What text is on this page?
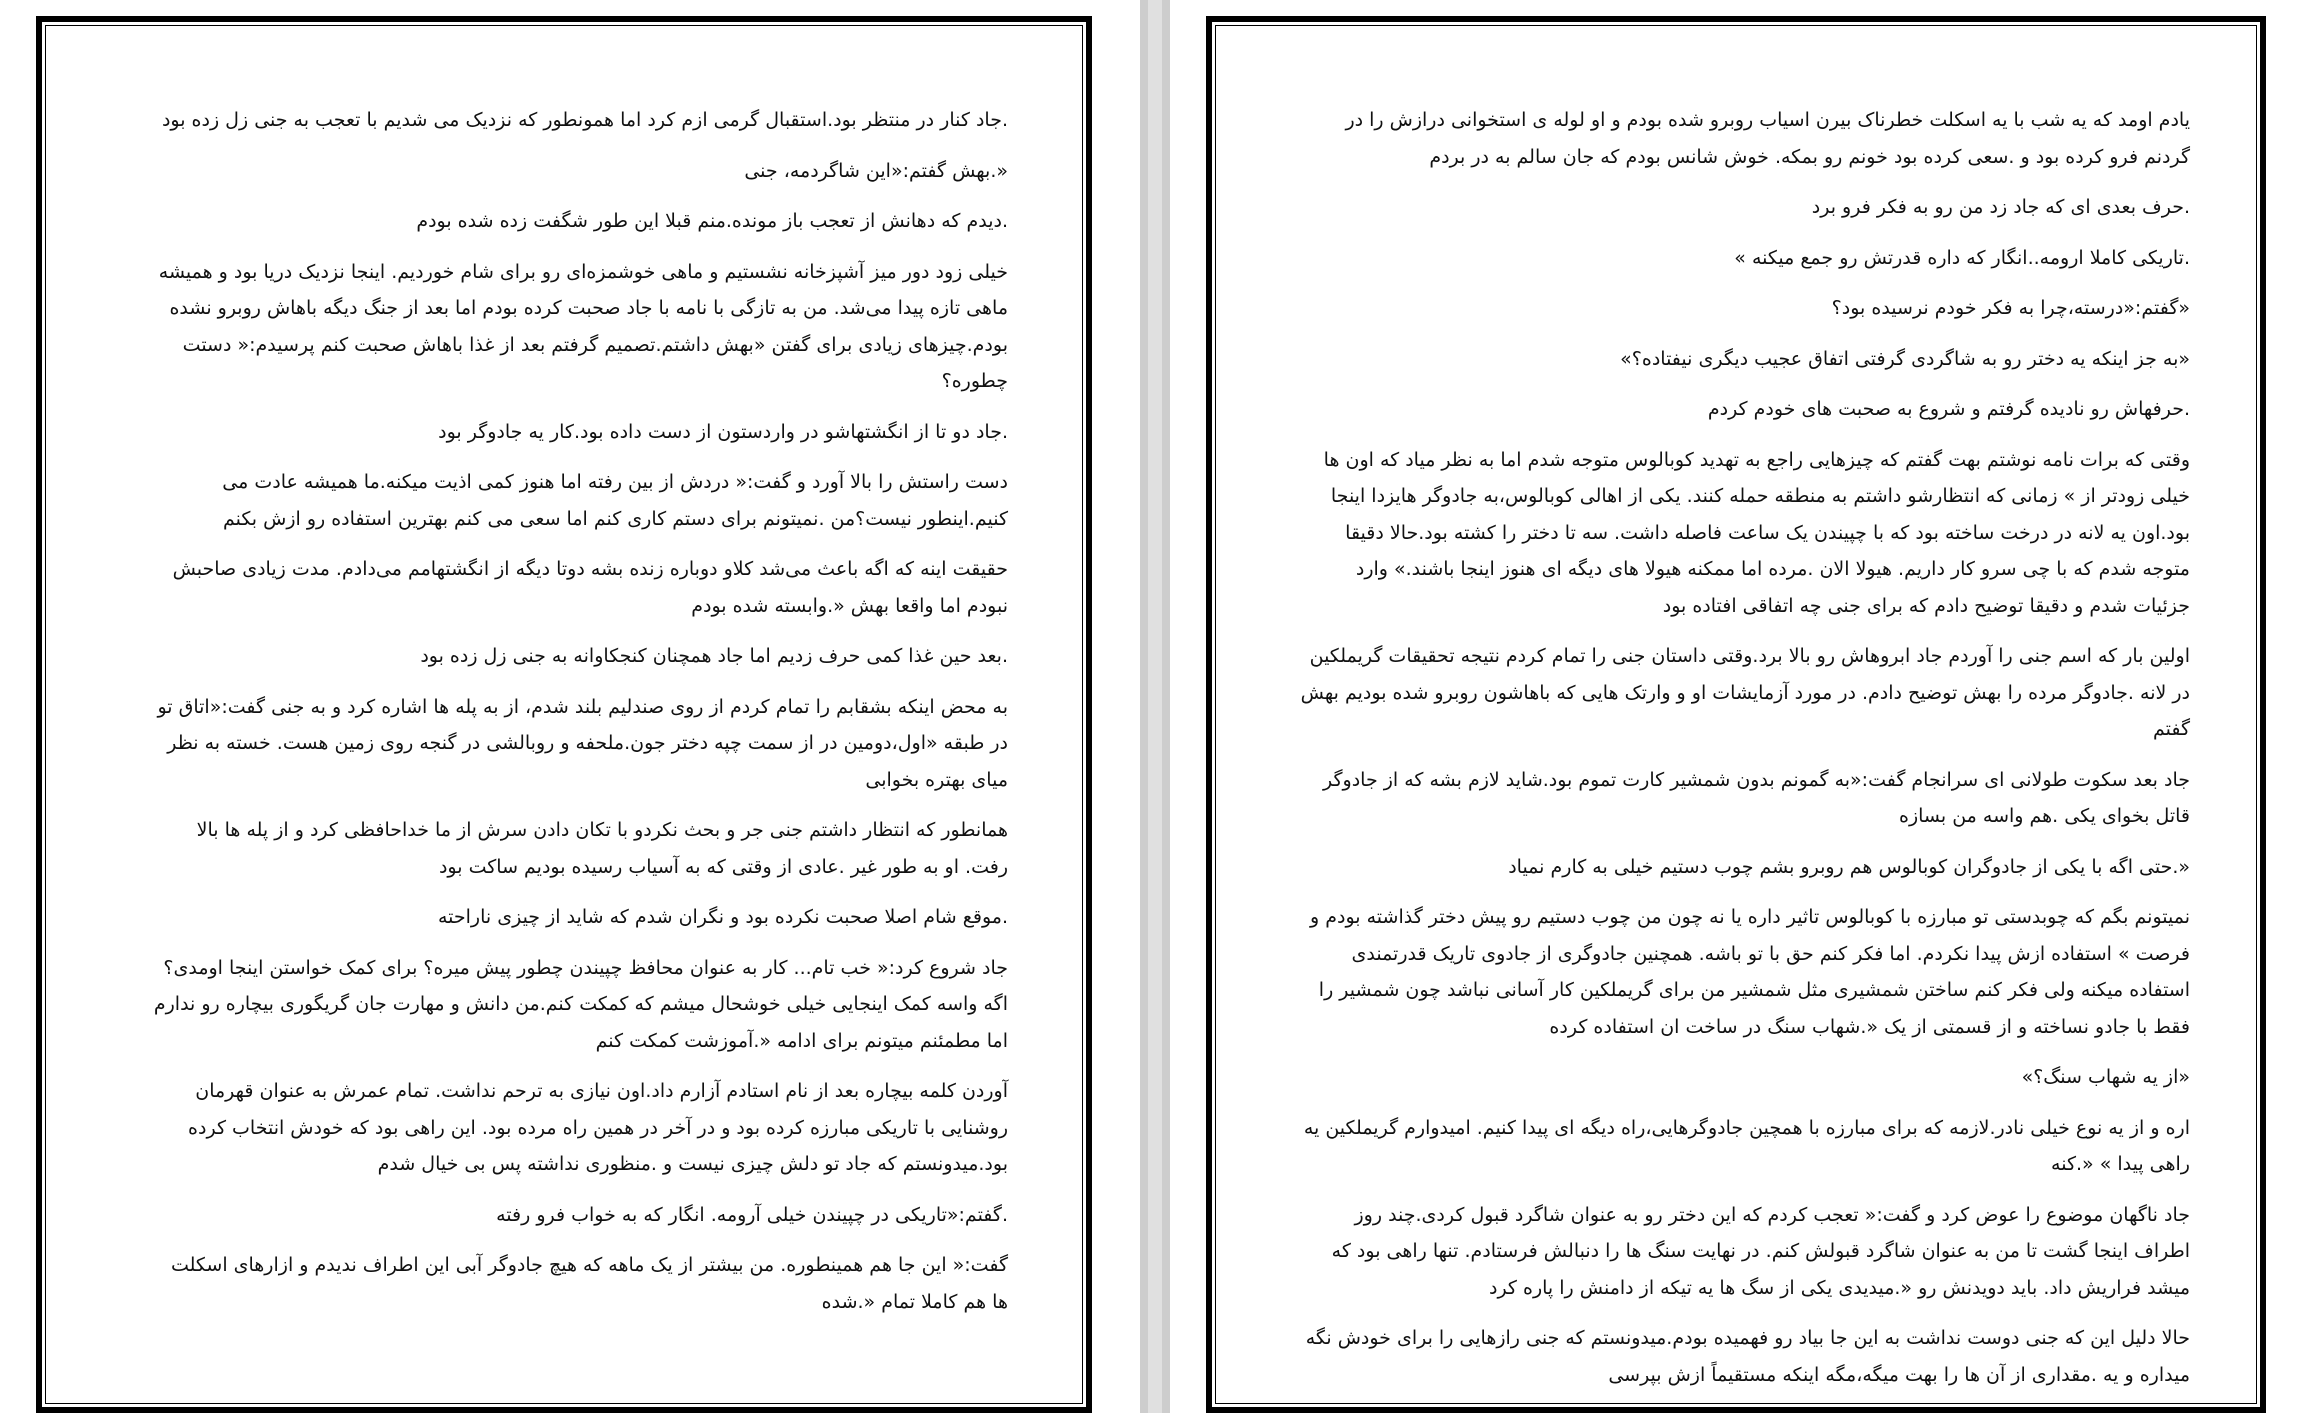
.جاد کنار در منتظر بود.استقبال گرمی ازم کرد اما همونطور که نزدیک می شدیم با تعجب به جنی زل زده بود

«.بهش گفتم:«این شاگردمه، جنی

.دیدم که دهانش از تعجب باز مونده.منم قبلا این طور شگفت زده شده بودم

خیلی زود دور میز آشپزخانه نشستیم و ماهی خوشمزه‌ای رو برای شام خوردیم. اینجا نزدیک دریا بود و همیشه ماهی تازه پیدا می‌شد. من به تازگی با نامه با جاد صحبت کرده بودم اما بعد از جنگ دیگه باهاش روبرو نشده بودم.چیزهای زیادی برای گفتن «بهش داشتم.تصمیم گرفتم بعد از غذا باهاش صحبت کنم پرسیدم:« دستت چطوره؟

.جاد دو تا از انگشتهاشو در واردستون از دست داده بود.کار یه جادوگر بود

دست راستش را بالا آورد و گفت:« دردش از بین رفته اما هنوز کمی اذیت میکنه.ما همیشه عادت می کنیم.اینطور نیست؟من .نمیتونم برای دستم کاری کنم اما سعی می کنم بهترین استفاده رو ازش بکنم

حقیقت اینه که اگه باعث می‌شد کلاو دوباره زنده بشه دوتا دیگه از انگشتهامم می‌دادم. مدت زیادی صاحبش نبودم اما واقعا بهش «.وابسته شده بودم

.بعد حین غذا کمی حرف زدیم اما جاد همچنان کنجکاوانه به جنی زل زده بود

به محض اینکه بشقابم را تمام کردم از روی صندلیم بلند شدم، از به پله ها اشاره کرد و به جنی گفت:«اتاق تو در طبقه «اول،دومین در از سمت چپه دختر جون.ملحفه و روبالشی در گنجه روی زمین هست. خسته به نظر میای بهتره بخوابی

همانطور که انتظار داشتم جنی جر و بحث نکردو با تکان دادن سرش از ما خداحافظی کرد و از پله ها بالا رفت. او به طور غیر .عادی از وقتی که به آسیاب رسیده بودیم ساکت بود

.موقع شام اصلا صحبت نکرده بود و نگران شدم که شاید از چیزی ناراحته

جاد شروع کرد:« خب تام... کار به عنوان محافظ چپیندن چطور پیش میره؟ برای کمک خواستن اینجا اومدی؟ اگه واسه کمک اینجایی خیلی خوشحال میشم که کمکت کنم.من دانش و مهارت جان گریگوری بیچاره رو ندارم اما مطمئنم میتونم برای ادامه «.آموزشت کمکت کنم

آوردن کلمه بیچاره بعد از نام استادم آزارم داد.اون نیازی به ترحم نداشت. تمام عمرش به عنوان قهرمان روشنایی با تاریکی مبارزه کرده بود و در آخر در همین راه مرده بود. این راهی بود که خودش انتخاب کرده بود.میدونستم که جاد تو دلش چیزی نیست و .منظوری نداشته پس بی خیال شدم

.گفتم:«تاریکی در چپیندن خیلی آرومه. انگار که به خواب فرو رفته

گفت:« این جا هم همینطوره. من بیشتر از یک ماهه که هیچ جادوگر آبی این اطراف ندیدم و ازارهای اسکلت ها هم کاملا تمام «.شده

یادم اومد که یه شب با یه اسکلت خطرناک بیرن اسیاب روبرو شده بودم و او لوله ی استخوانی درازش را در گردنم فرو کرده بود و .سعی کرده بود خونم رو بمکه. خوش شانس بودم که جان سالم به در بردم

.حرف بعدی ای که جاد زد من رو به فکر فرو برد

.تاریکی کاملا ارومه..انگار که داره قدرتش رو جمع میکنه »

«گفتم:«درسته،چرا به فکر خودم نرسیده بود؟

«به جز اینکه یه دختر رو به شاگردی گرفتی اتفاق عجیب دیگری نیفتاده؟»

.حرفهاش رو نادیده گرفتم و شروع به صحبت های خودم کردم

وقتی که برات نامه نوشتم بهت گفتم که چیزهایی راجع به تهدید کوبالوس متوجه شدم اما به نظر میاد که اون ها خیلی زودتر از » زمانی که انتظارشو داشتم به منطقه حمله کنند. یکی از اهالی کوبالوس،به جادوگر هایزدا اینجا بود.اون یه لانه در درخت ساخته بود که با چپیندن یک ساعت فاصله داشت. سه تا دختر را کشته بود.حالا دقیقا متوجه شدم که با چی سرو کار داریم. هیولا الان .مرده اما ممکنه هیولا های دیگه ای هنوز اینجا باشند.» وارد جزئیات شدم و دقیقا توضیح دادم که برای جنی چه اتفاقی افتاده بود

اولین بار که اسم جنی را آوردم جاد ابروهاش رو بالا برد.وقتی داستان جنی را تمام کردم نتیجه تحقیقات گریملکین در لانه .جادوگر مرده را بهش توضیح دادم. در مورد آزمایشات او و وارتک هایی که باهاشون روبرو شده بودیم بهش گفتم

جاد بعد سکوت طولانی ای سرانجام گفت:«به گمونم بدون شمشیر کارت تموم بود.شاید لازم بشه که از جادوگر قاتل بخوای یکی .هم واسه من بسازه

«.حتی اگه با یکی از جادوگران کوبالوس هم روبرو بشم چوب دستیم خیلی به کارم نمیاد

نمیتونم بگم که چوبدستی تو مبارزه با کوبالوس تاثیر داره یا نه چون من چوب دستیم رو پیش دختر گذاشته بودم و فرصت » استفاده ازش پیدا نکردم. اما فکر کنم حق با تو باشه. همچنین جادوگری از جادوی تاریک قدرتمندی استفاده میکنه ولی فکر کنم ساختن شمشیری مثل شمشیر من برای گریملکین کار آسانی نباشد چون شمشیر را فقط با جادو نساخته و از قسمتی از یک «.شهاب سنگ در ساخت ان استفاده کرده

«از یه شهاب سنگ؟»

اره و از یه نوع خیلی نادر.لازمه که برای مبارزه با همچین جادوگرهایی،راه دیگه ای پیدا کنیم. امیدوارم گریملکین یه راهی پیدا » «.کنه

جاد ناگهان موضوع را عوض کرد و گفت:« تعجب کردم که این دختر رو به عنوان شاگرد قبول کردی.چند روز اطراف اینجا گشت تا من به عنوان شاگرد قبولش کنم. در نهایت سنگ ها را دنبالش فرستادم. تنها راهی بود که میشد فراریش داد. باید دویدنش رو «.میدیدی یکی از سگ ها یه تیکه از دامنش را پاره کرد

حالا دلیل این که جنی دوست نداشت به این جا بیاد رو فهمیده بودم.میدونستم که جنی رازهایی را برای خودش نگه میداره و یه .مقداری از آن ها را بهت میگه،مگه اینکه مستقیماً ازش بپرسی
